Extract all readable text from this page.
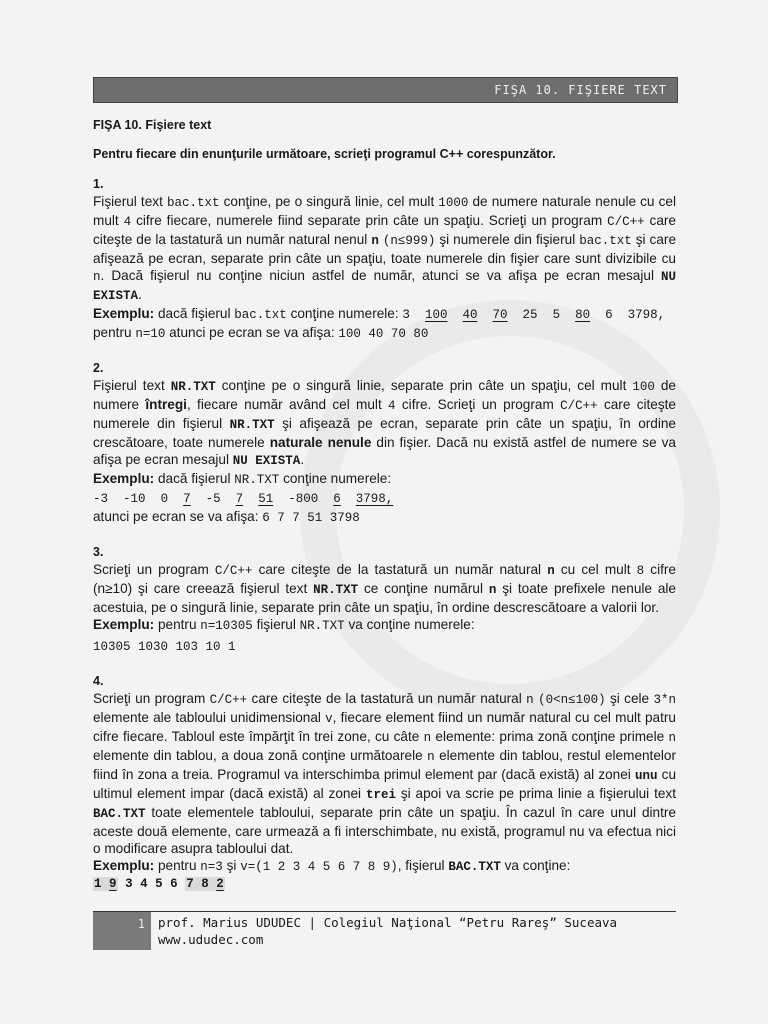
FIŞA 10. FIŞIERE TEXT

FIŞA 10. Fişiere text

Pentru fiecare din enunţurile următoare, scrieţi programul C++ corespunzător.

1.

Fişierul text bac.txt conţine, pe o singură linie, cel mult 1000 de numere naturale nenule cu cel mult 4 cifre fiecare, numerele fiind separate prin câte un spaţiu. Scrieţi un program C/C++ care citeşte de la tastatură un număr natural nenul n (n≤999) şi numerele din fişierul bac.txt şi care afişează pe ecran, separate prin câte un spaţiu, toate numerele din fişier care sunt divizibile cu n. Dacă fişierul nu conţine niciun astfel de număr, atunci se va afişa pe ecran mesajul NU EXISTA.

Exemplu: dacă fişierul bac.txt conţine numerele: 3 100 40 70 25 5 80 6 3798,
pentru n=10 atunci pe ecran se va afişa: 100 40 70 80

2.

Fişierul text NR.TXT conţine pe o singură linie, separate prin câte un spaţiu, cel mult 100 de numere întregi, fiecare număr având cel mult 4 cifre. Scrieţi un program C/C++ care citeşte numerele din fişierul NR.TXT şi afişează pe ecran, separate prin câte un spaţiu, în ordine crescătoare, toate numerele naturale nenule din fişier. Dacă nu există astfel de numere se va afişa pe ecran mesajul NU EXISTA.

Exemplu: dacă fişierul NR.TXT conţine numerele: -3 -10 0 7 -5 7 51 -800 6 3798,
atunci pe ecran se va afişa: 6 7 7 51 3798

3.

Scrieţi un program C/C++ care citeşte de la tastatură un număr natural n cu cel mult 8 cifre (n≥10) şi care creează fişierul text NR.TXT ce conţine numărul n şi toate prefixele nenule ale acestuia, pe o singură linie, separate prin câte un spaţiu, în ordine descrescătoare a valorii lor.

Exemplu: pentru n=10305 fişierul NR.TXT va conţine numerele:

10305 1030 103 10 1

4.

Scrieţi un program C/C++ care citeşte de la tastatură un număr natural n (0<n≤100) şi cele 3*n elemente ale tabloului unidimensional v, fiecare element fiind un număr natural cu cel mult patru cifre fiecare. Tabloul este împărţit în trei zone, cu câte n elemente: prima zonă conţine primele n elemente din tablou, a doua zonă conţine următoarele n elemente din tablou, restul elementelor fiind în zona a treia. Programul va interschimba primul element par (dacă există) al zonei unu cu ultimul element impar (dacă există) al zonei trei şi apoi va scrie pe prima linie a fişierului text BAC.TXT toate elementele tabloului, separate prin câte un spaţiu. În cazul în care unul dintre aceste două elemente, care urmează a fi interschimbate, nu există, programul nu va efectua nici o modificare asupra tabloului dat.

Exemplu: pentru n=3 şi v=(1 2 3 4 5 6 7 8 9), fişierul BAC.TXT va conţine:

1 9 3 4 5 6 7 8 2

1	prof. Marius UDUDEC | Colegiul Naţional “Petru Rareş” Suceava
www.ududec.com
